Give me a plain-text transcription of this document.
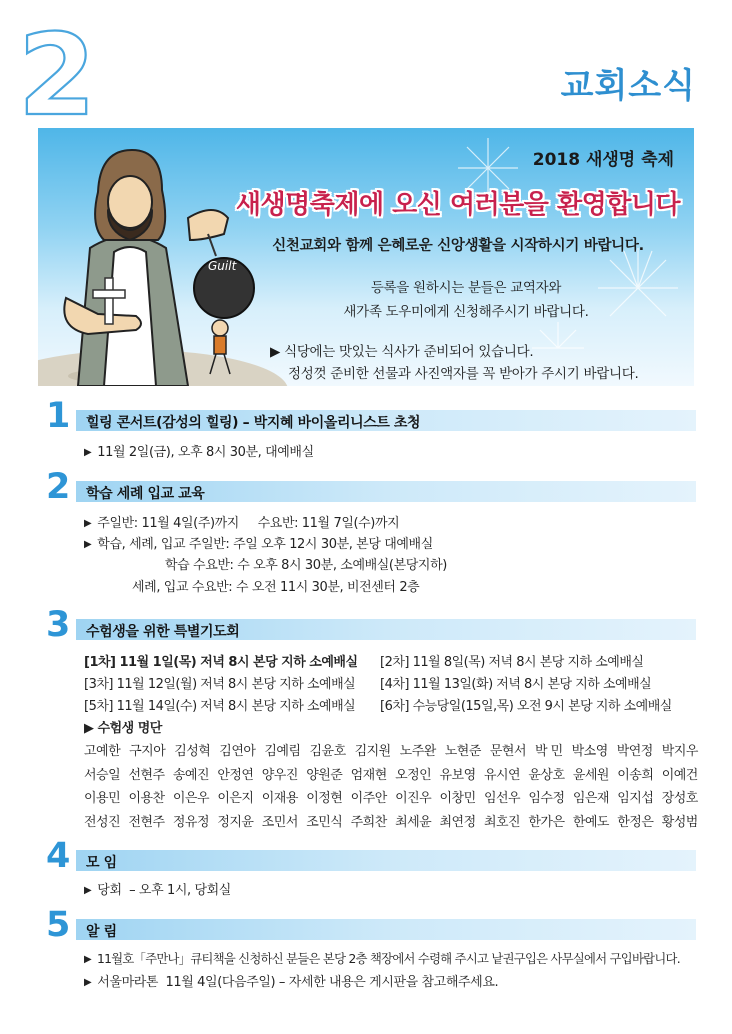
2	교회소식
Guilt
2018 새생명 축제
새생명축제에 오신 여러분을 환영합니다
신천교회와 함께 은혜로운 신앙생활을 시작하시기 바랍니다.
등록을 원하시는 분들은 교역자와
새가족 도우미에게 신청해주시기 바랍니다.
▶ 식당에는 맛있는 식사가 준비되어 있습니다.
정성껏 준비한 선물과 사진액자를 꼭 받아가 주시기 바랍니다.
1 힐링 콘서트(감성의 힐링) – 박지혜 바이올리니스트 초청
▶ 11월 2일(금), 오후 8시 30분, 대예배실
2 학습 세례 입교 교육
▶ 주일반: 11월 4일(주)까지     수요반: 11월 7일(수)까지
▶ 학습, 세례, 입교 주일반: 주일 오후 12시 30분, 본당 대예배실
학습 수요반: 수 오후 8시 30분, 소예배실(본당지하)
세례, 입교 수요반: 수 오전 11시 30분, 비전센터 2층
3 수험생을 위한 특별기도회
[1차] 11월 1일(목) 저녁 8시 본당 지하 소예배실 [2차] 11월 8일(목) 저녁 8시 본당 지하 소예배실
[3차] 11월 12일(월) 저녁 8시 본당 지하 소예배실 [4차] 11월 13일(화) 저녁 8시 본당 지하 소예배실
[5차] 11월 14일(수) 저녁 8시 본당 지하 소예배실 [6차] 수능당일(15일,목) 오전 9시 본당 지하 소예배실
▶ 수험생 명단
고예한 구지아 김성혁 김연아 김예림 김윤호 김지원 노주완 노현준 문현서 박 민 박소영 박연정 박지우
서승일 선현주 송예진 안정연 양우진 양원준 엄재현 오정인 유보영 유시연 윤상호 윤세원 이송희 이예건
이용민 이용찬 이은우 이은지 이재용 이정현 이주안 이진우 이창민 임선우 임수정 임은재 임지섭 장성호
전성진 전현주 정유정 정지윤 조민서 조민식 주희찬 최세윤 최연정 최호진 한가은 한예도 한정은 황성범
4 모 임
▶ 당회  – 오후 1시, 당회실
5 알 림
▶ 11월호「주만나」큐티책을 신청하신 분들은 본당 2층 책장에서 수령해 주시고 낱권구입은 사무실에서 구입바랍니다.
▶ 서울마라톤  11월 4일(다음주일) – 자세한 내용은 게시판을 참고해주세요.
